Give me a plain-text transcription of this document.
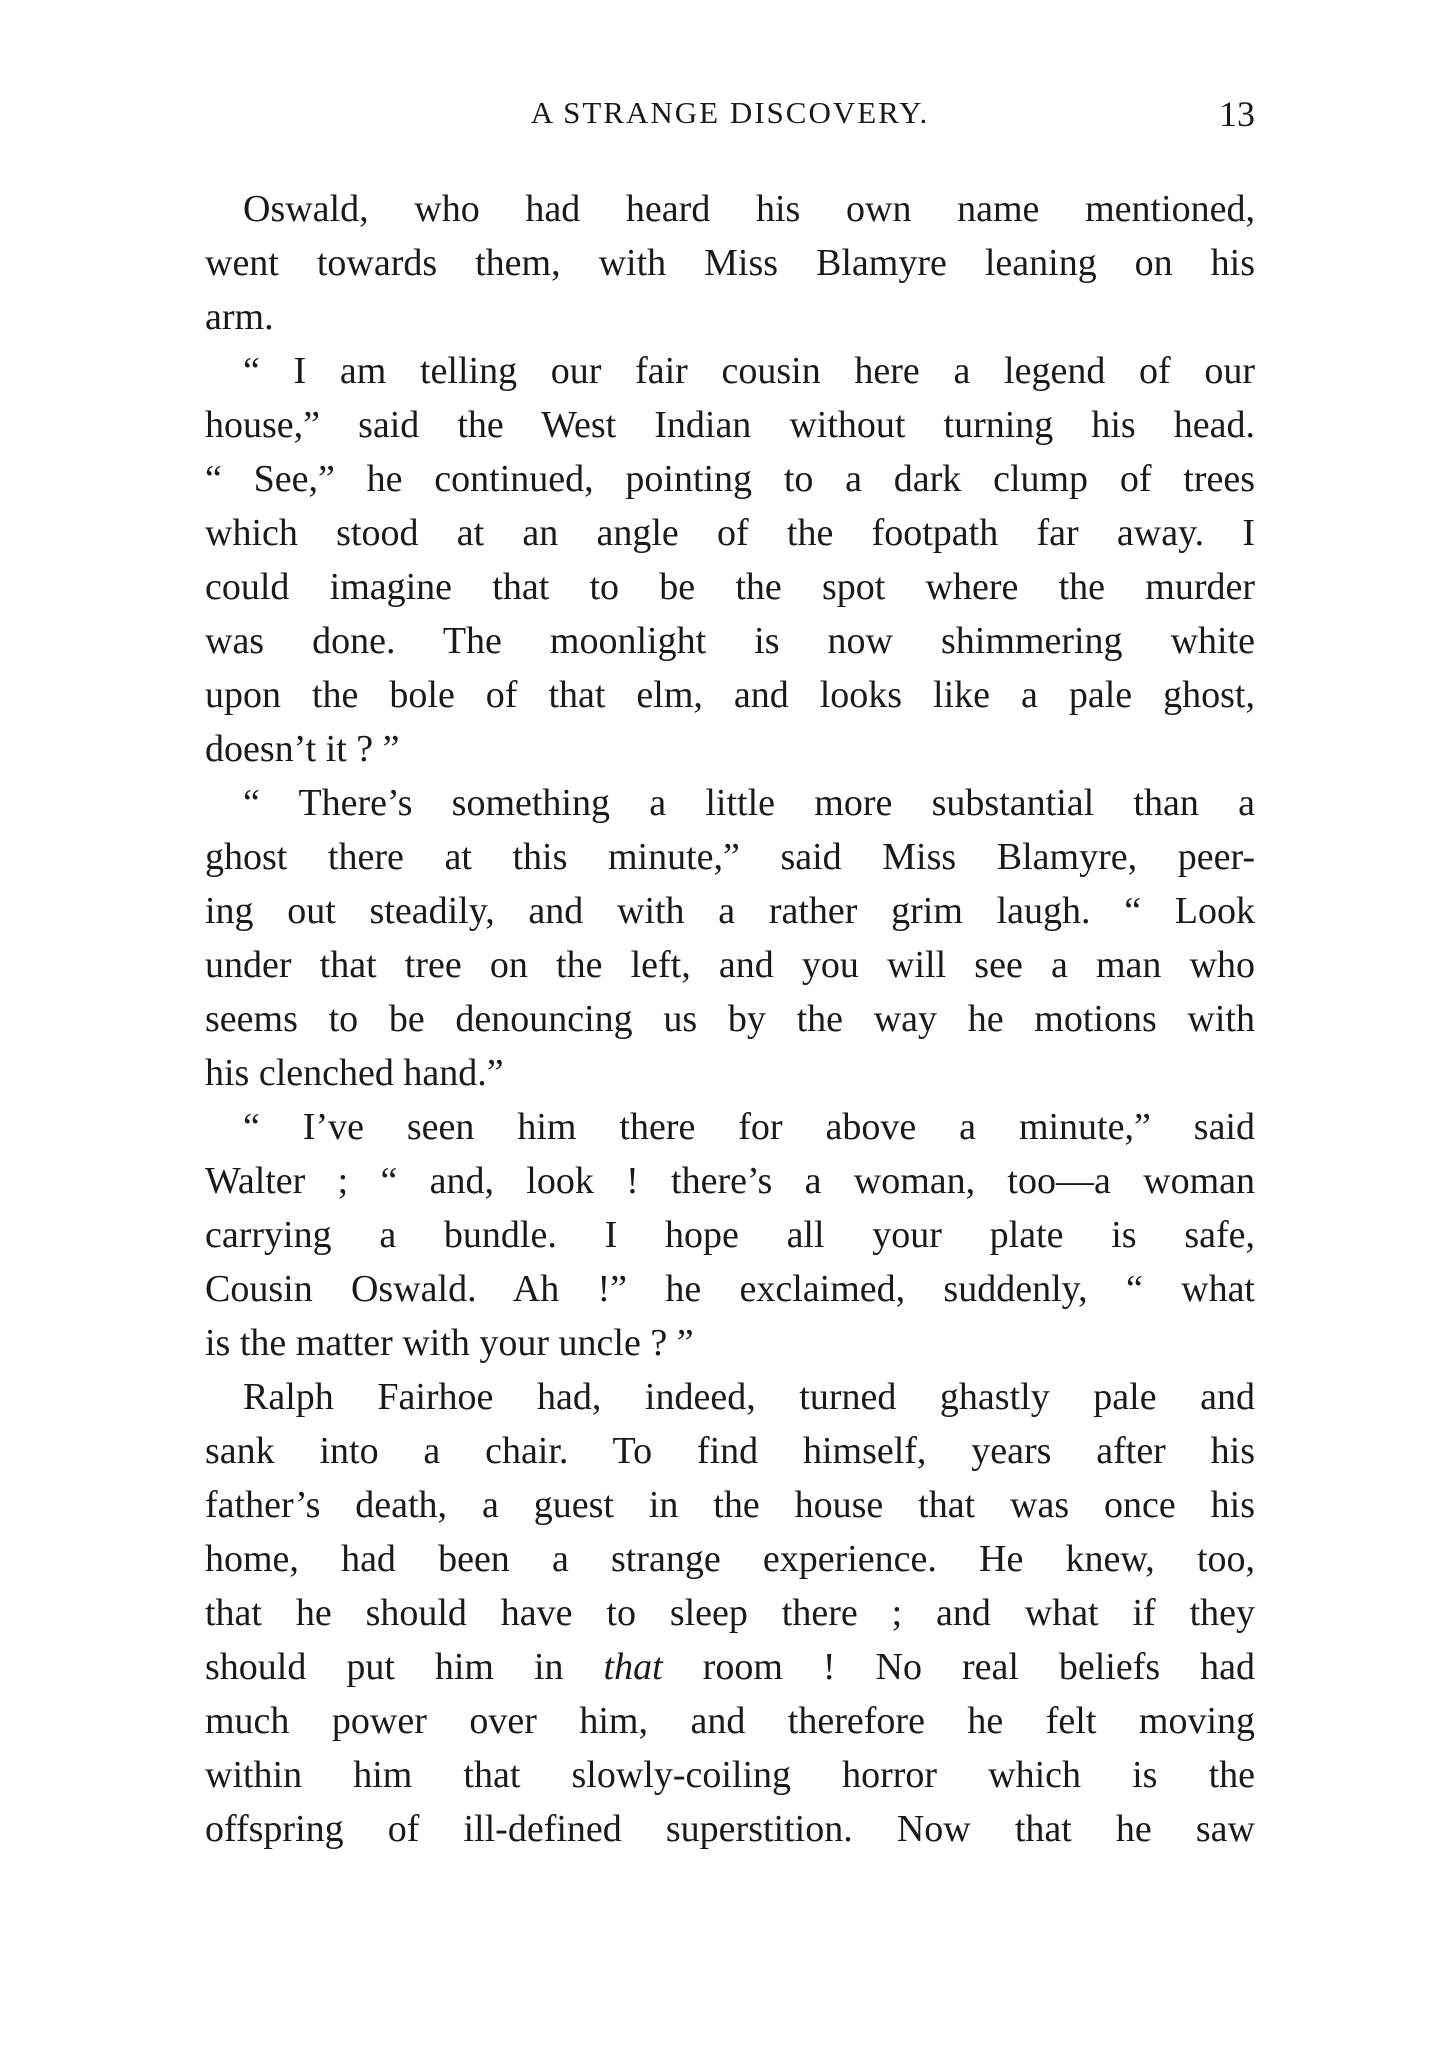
A STRANGE DISCOVERY.	13
Oswald, who had heard his own name mentioned,
went towards them, with Miss Blamyre leaning on his
arm.
“ I am telling our fair cousin here a legend of our
house,” said the West Indian without turning his head.
“ See,” he continued, pointing to a dark clump of trees
which stood at an angle of the footpath far away. I
could imagine that to be the spot where the murder
was done. The moonlight is now shimmering white
upon the bole of that elm, and looks like a pale ghost,
doesn’t it ? ”
“ There’s something a little more substantial than a
ghost there at this minute,” said Miss Blamyre, peer-
ing out steadily, and with a rather grim laugh. “ Look
under that tree on the left, and you will see a man who
seems to be denouncing us by the way he motions with
his clenched hand.”
“ I’ve seen him there for above a minute,” said
Walter ; “ and, look ! there’s a woman, too—a woman
carrying a bundle. I hope all your plate is safe,
Cousin Oswald. Ah !” he exclaimed, suddenly, “ what
is the matter with your uncle ? ”
Ralph Fairhoe had, indeed, turned ghastly pale and
sank into a chair. To find himself, years after his
father’s death, a guest in the house that was once his
home, had been a strange experience. He knew, too,
that he should have to sleep there ; and what if they
should put him in that room ! No real beliefs had
much power over him, and therefore he felt moving
within him that slowly-coiling horror which is the
offspring of ill-defined superstition. Now that he saw
